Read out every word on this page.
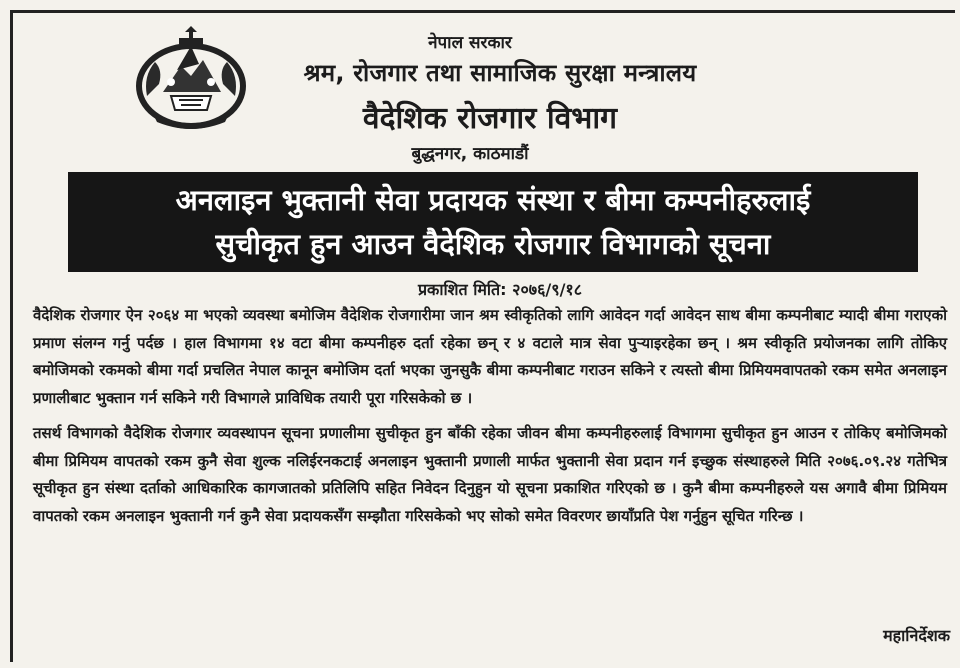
नेपाल सरकार
श्रम, रोजगार तथा सामाजिक सुरक्षा मन्त्रालय
वैदेशिक रोजगार विभाग
बुद्धनगर, काठमाडौं
अनलाइन भुक्तानी सेवा प्रदायक संस्था र बीमा कम्पनीहरुलाई
सुचीकृत हुन आउन वैदेशिक रोजगार विभागको सूचना
प्रकाशित मिति: २०७६/९/१८

वैदेशिक रोजगार ऐन २०६४ मा भएको व्यवस्था बमोजिम वैदेशिक रोजगारीमा जान श्रम स्वीकृतिको लागि आवेदन गर्दा आवेदन साथ बीमा कम्पनीबाट म्यादी बीमा गराएको प्रमाण संलग्न गर्नु पर्दछ । हाल विभागमा १४ वटा बीमा कम्पनीहरु दर्ता रहेका छन् र ४ वटाले मात्र सेवा पुऱ्याइरहेका छन् । श्रम स्वीकृति प्रयोजनका लागि तोकिए बमोजिमको रकमको बीमा गर्दा प्रचलित नेपाल कानून बमोजिम दर्ता भएका जुनसुकै बीमा कम्पनीबाट गराउन सकिने र त्यस्तो बीमा प्रिमियमवापतको रकम समेत अनलाइन प्रणालीबाट भुक्तान गर्न सकिने गरी विभागले प्राविधिक तयारी पूरा गरिसकेको छ ।

तसर्थ विभागको वैदेशिक रोजगार व्यवस्थापन सूचना प्रणालीमा सुचीकृत हुन बाँकी रहेका जीवन बीमा कम्पनीहरुलाई विभागमा सुचीकृत हुन आउन र तोकिए बमोजिमको बीमा प्रिमियम वापतको रकम कुनै सेवा शुल्क नलिईरनकटाई अनलाइन भुक्तानी प्रणाली मार्फत भुक्तानी सेवा प्रदान गर्न इच्छुक संस्थाहरुले मिति २०७६.०९.२४ गतेभित्र सूचीकृत हुन संस्था दर्ताको आधिकारिक कागजातको प्रतिलिपि सहित निवेदन दिनुहुन यो सूचना प्रकाशित गरिएको छ । कुनै बीमा कम्पनीहरुले यस अगावै बीमा प्रिमियम वापतको रकम अनलाइन भुक्तानी गर्न कुनै सेवा प्रदायकसँग सम्झौता गरिसकेको भए सोको समेत विवरणर छायाँप्रति पेश गर्नुहुन सूचित गरिन्छ ।

महानिर्देशक
